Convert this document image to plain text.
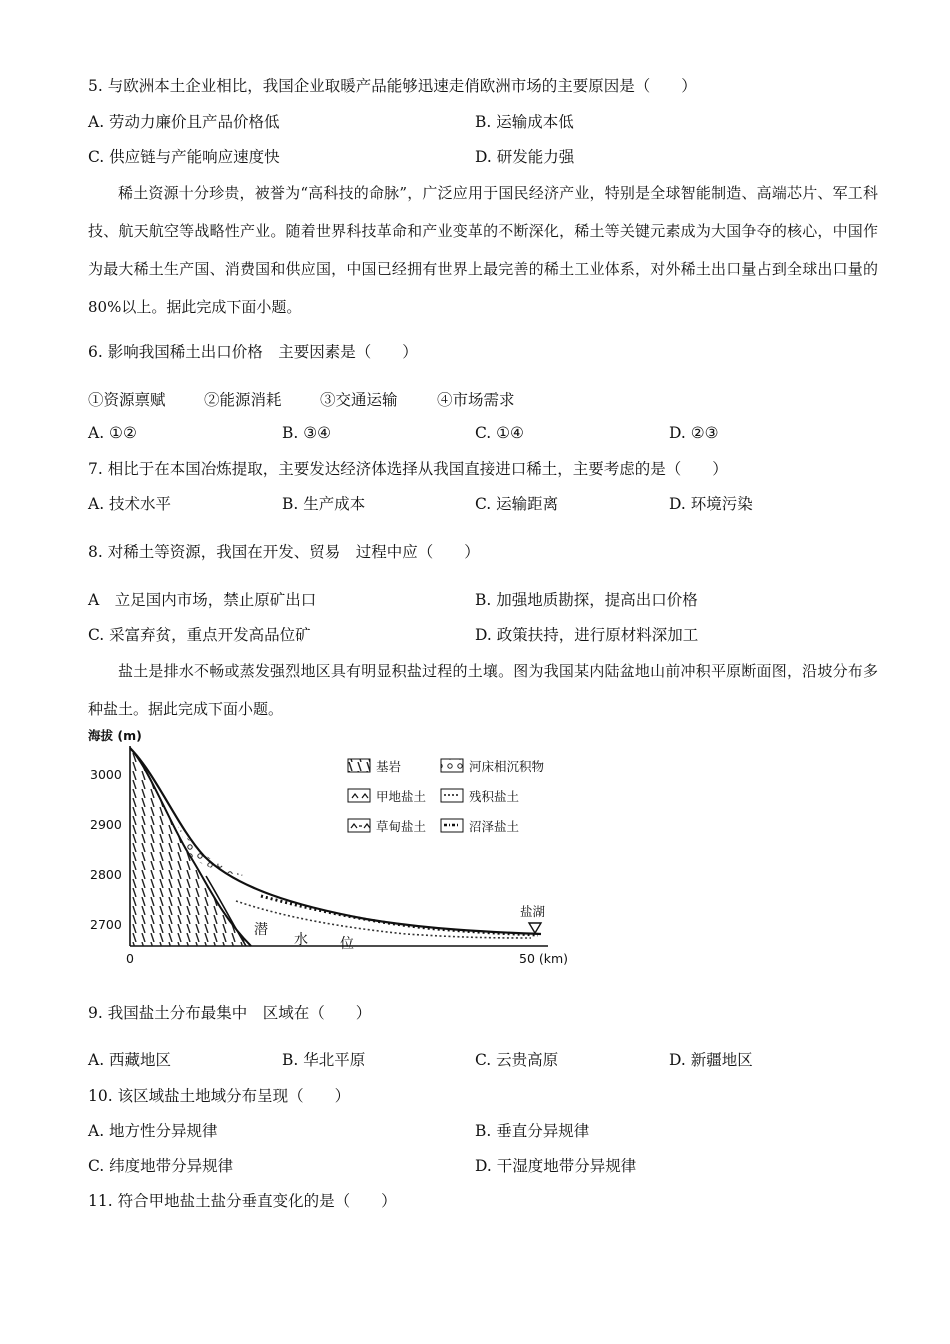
5. 与欧洲本土企业相比，我国企业取暖产品能够迅速走俏欧洲市场的主要原因是（　　）
A. 劳动力廉价且产品价格低	B. 运输成本低
C. 供应链与产能响应速度快	D. 研发能力强
稀土资源十分珍贵，被誉为“高科技的命脉”，广泛应用于国民经济产业，特别是全球智能制造、高端芯片、军工科技、航天航空等战略性产业。随着世界科技革命和产业变革的不断深化，稀土等关键元素成为大国争夺的核心，中国作为最大稀土生产国、消费国和供应国，中国已经拥有世界上最完善的稀土工业体系，对外稀土出口量占到全球出口量的80%以上。据此完成下面小题。
6. 影响我国稀土出口价格　主要因素是（　　）
①资源禀赋 ②能源消耗 ③交通运输	④市场需求
A. ①②	B. ③④	C. ①④	D. ②③
7. 相比于在本国冶炼提取，主要发达经济体选择从我国直接进口稀土，主要考虑的是（　　）
A. 技术水平	B. 生产成本	C. 运输距离	D. 环境污染
8. 对稀土等资源，我国在开发、贸易　过程中应（　　）
A　立足国内市场，禁止原矿出口	B. 加强地质勘探，提高出口价格
C. 采富弃贫，重点开发高品位矿	D. 政策扶持，进行原材料深加工
盐土是排水不畅或蒸发强烈地区具有明显积盐过程的土壤。图为我国某内陆盆地山前冲积平原断面图，沿坡分布多种盐土。据此完成下面小题。
海拔 (m)
3000
2900
2800
2700
0	50 (km)
潜
水 位
盐湖
基岩	河床相沉积物
甲地盐土	残积盐土
草甸盐土	沼泽盐土
9. 我国盐土分布最集中　区域在（　　）
A. 西藏地区	B. 华北平原	C. 云贵高原	D. 新疆地区
10. 该区域盐土地域分布呈现（　　）
A. 地方性分异规律	B. 垂直分异规律
C. 纬度地带分异规律	D. 干湿度地带分异规律
11. 符合甲地盐土盐分垂直变化的是（　　）
